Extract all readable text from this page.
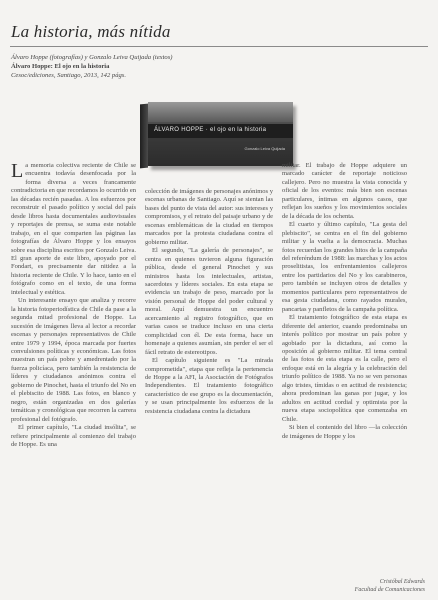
La historia, más nítida
Álvaro Hoppe (fotografías) y Gonzalo Leiva Quijada (textos)
Álvaro Hoppe: El ojo en la historia
Cesoc/ediciones, Santiago, 2013, 142 págs.
ÁLVARO HOPPE · el ojo en la historia
Gonzalo Leiva Quijada

La memoria colectiva reciente de Chile se encuentra todavía desenfocada por la forma diversa a veces francamente contradictoria en que recordamos lo ocurrido en las décadas recién pasadas. A los esfuerzos por reconstruir el pasado político y social del país desde libros hasta documentales audiovisuales y reportajes de prensa, se suma este notable trabajo, en el que comparten las páginas las fotografías de Álvaro Hoppe y los ensayos sobre esa disciplina escritos por Gonzalo Leiva. El gran aporte de este libro, apoyado por el Fondart, es precisamente dar nitidez a la historia reciente de Chile. Y lo hace, tanto en el fotógrafo como en el texto, de una forma intelectual y estética.

Un interesante ensayo que analiza y recorre la historia fotoperiodística de Chile da pase a la segunda mitad profesional de Hoppe. La sucesión de imágenes lleva al lector a recordar escenas y personajes representativos de Chile entre 1979 y 1994, época marcada por fuertes convulsiones políticas y económicas. Las fotos muestran un país pobre y amedrentado por la fuerza policíaca, pero también la resistencia de líderes y ciudadanos anónimos contra el gobierno de Pinochet, hasta el triunfo del No en el plebiscito de 1988. Las fotos, en blanco y negro, están organizadas en dos galerías temáticas y cronológicas que recorren la carrera profesional del fotógrafo.

El primer capítulo, "La ciudad insólita", se refiere principalmente al comienzo del trabajo de Hoppe. Es una

colección de imágenes de personajes anónimos y escenas urbanas de Santiago. Aquí se sientan las bases del punto de vista del autor: sus intereses y compromisos, y el retrato del paisaje urbano y de escenas emblemáticas de la ciudad en tiempos marcados por la protesta ciudadana contra el gobierno militar.

El segundo, "La galería de personajes", se centra en quienes tuvieron alguna figuración pública, desde el general Pinochet y sus ministros hasta los intelectuales, artistas, sacerdotes y líderes sociales. En esta etapa se evidencia un trabajo de peso, marcado por la visión personal de Hoppe del poder cultural y moral. Aquí demuestra un encuentro acercamiento al registro fotográfico, que en varias casos se traduce incluso en una cierta complicidad con él. De esta forma, hace un homenaje a quienes asumían, sin perder el ser el fácil retrato de estereotipos.

El capítulo siguiente es "La mirada comprometida", etapa que refleja la pertenencia de Hoppe a la AFI, la Asociación de Fotógrafos Independientes. El tratamiento fotográfico característico de ese grupo es la documentación, y se usan principalmente los esfuerzos de la resistencia ciudadana contra la dictadura

militar. El trabajo de Hoppe adquiere un marcado carácter de reportaje noticioso callejero. Pero no muestra la vista conocida y oficial de los eventos: más bien son escenas particulares, íntimas en algunos casos, que reflejan los sueños y los movimientos sociales de la década de los ochenta.

El cuarto y último capítulo, "La gesta del plebiscito", se centra en el fin del gobierno militar y la vuelta a la democracia. Muchas fotos recuerdan los grandes hitos de la campaña del referéndum de 1988: las marchas y los actos proselitistas, los enfrentamientos callejeros entre los partidarios del No y los carabineros, pero también se incluyen otros de detalles y momentos particulares pero representativos de esa gesta ciudadana, como rayados murales, pancartas y panfletos de la campaña política.

El tratamiento fotográfico de esta etapa es diferente del anterior, cuando predominaba un interés político por mostrar un país pobre y agobiado por la dictadura, así como la oposición al gobierno militar. El tema central de las fotos de esta etapa es la calle, pero el enfoque está en la alegría y la celebración del triunfo político de 1988. Ya no se ven personas algo tristes, tímidas o en actitud de resistencia; ahora predominan las ganas por jugar, y los adultos en actitud cordial y optimista por la nueva etapa sociopolítica que comenzaba en Chile.

Si bien el contenido del libro —la colección de imágenes de Hoppe y los

Cristóbal Edwards
Facultad de Comunicaciones
